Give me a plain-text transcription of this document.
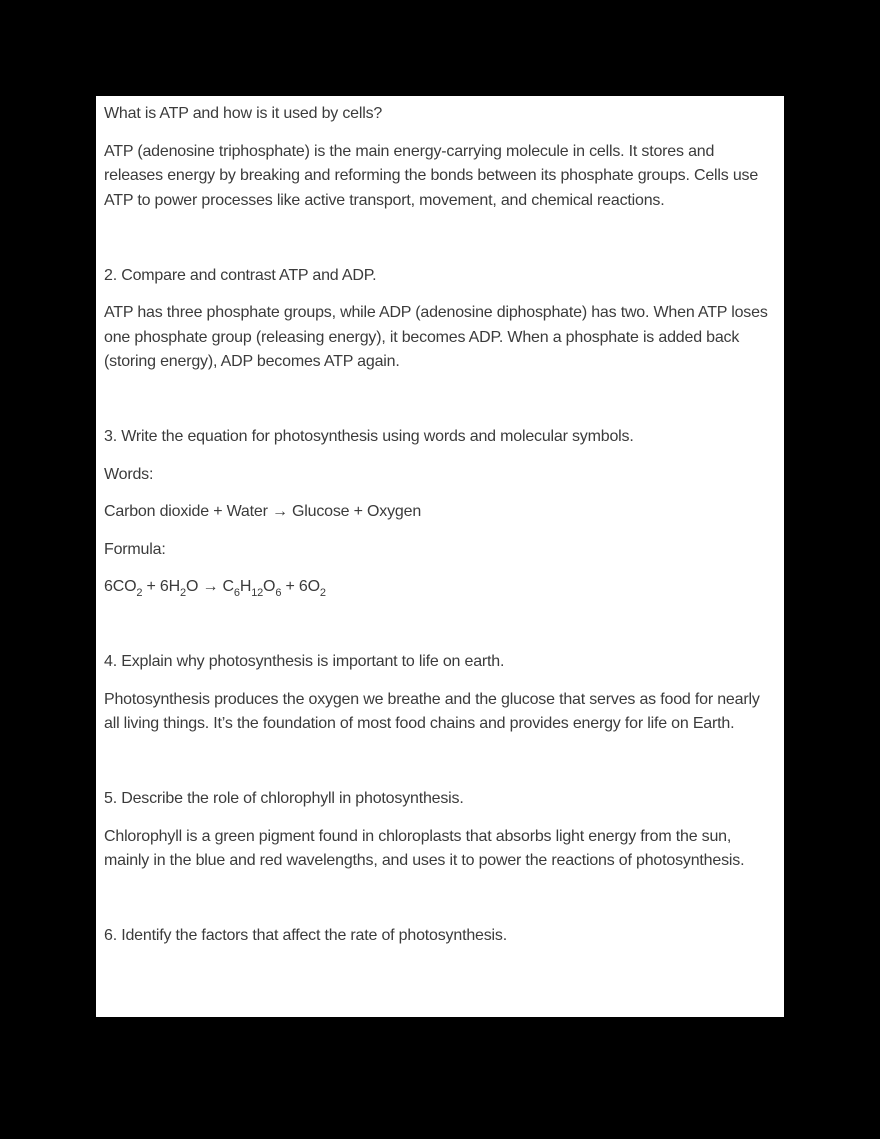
What is ATP and how is it used by cells?

ATP (adenosine triphosphate) is the main energy-carrying molecule in cells. It stores and releases energy by breaking and reforming the bonds between its phosphate groups. Cells use ATP to power processes like active transport, movement, and chemical reactions.

2. Compare and contrast ATP and ADP.

ATP has three phosphate groups, while ADP (adenosine diphosphate) has two. When ATP loses one phosphate group (releasing energy), it becomes ADP. When a phosphate is added back (storing energy), ADP becomes ATP again.

3. Write the equation for photosynthesis using words and molecular symbols.

Words:

Carbon dioxide + Water → Glucose + Oxygen

Formula:

$6CO_2 + 6H_2O \to C_6H_{12}O_6 + 6O_2$

4. Explain why photosynthesis is important to life on earth.

Photosynthesis produces the oxygen we breathe and the glucose that serves as food for nearly all living things. It’s the foundation of most food chains and provides energy for life on Earth.

5. Describe the role of chlorophyll in photosynthesis.

Chlorophyll is a green pigment found in chloroplasts that absorbs light energy from the sun, mainly in the blue and red wavelengths, and uses it to power the reactions of photosynthesis.

6. Identify the factors that affect the rate of photosynthesis.
